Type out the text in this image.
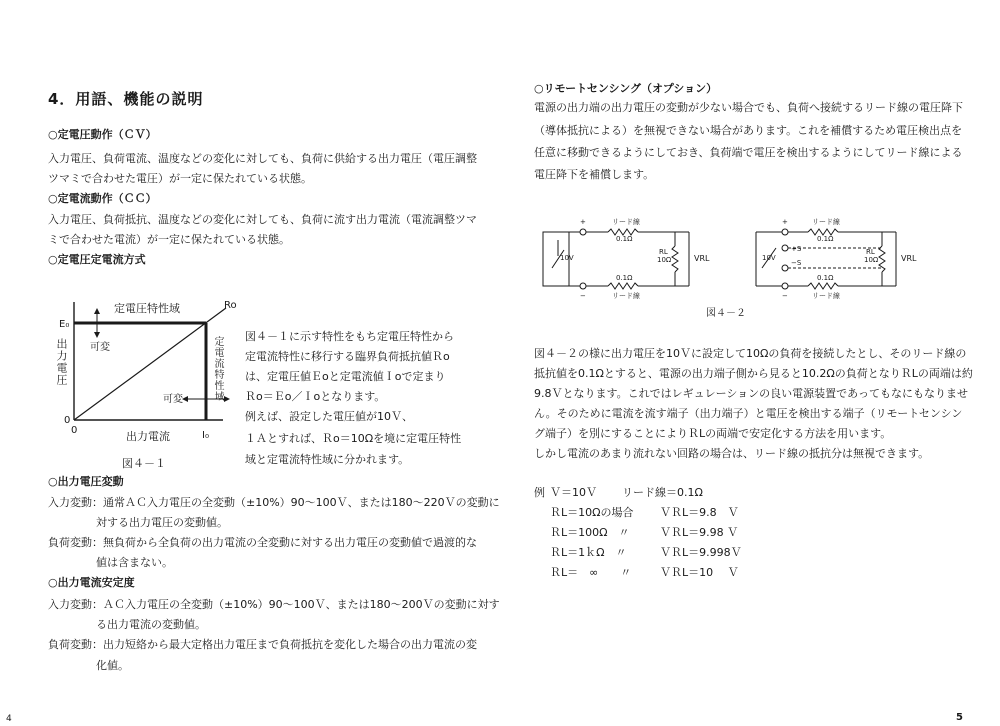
4．用語、機能の説明
○定電圧動作（ＣＶ）
入力電圧、負荷電流、温度などの変化に対しても、負荷に供給する出力電圧（電圧調整
ツマミで合わせた電圧）が一定に保たれている状態。
○定電流動作（ＣＣ）
入力電圧、負荷抵抗、温度などの変化に対しても、負荷に流す出力電流（電流調整ツマ
ミで合わせた電流）が一定に保たれている状態。
○定電圧定電流方式
E₀
0
0	I₀
Ro
定電圧特性域
可変
可変
出力電流
図４－１
出力電圧	定電流特性域 図４－１に示す特性をもち定電圧特性から
定電流特性に移行する臨界負荷抵抗値Ｒo
は、定電圧値Ｅoと定電流値Ｉoで定まり
Ｒo＝Ｅo／Ｉoとなります。
例えば、設定した電圧値が10Ｖ、
１Ａとすれば、Ｒo＝10Ωを境に定電圧特性
域と定電流特性域に分かれます。
○出力電圧変動
入力変動：通常ＡＣ入力電圧の全変動（±10%）90～100Ｖ、または180～220Ｖの変動に
対する出力電圧の変動値。
負荷変動：無負荷から全負荷の出力電流の全変動に対する出力電圧の変動値で過渡的な
値は含まない。
○出力電流安定度
入力変動：ＡＣ入力電圧の全変動（±10%）90～100Ｖ、または180～200Ｖの変動に対す
る出力電流の変動値。
負荷変動：出力短絡から最大定格出力電圧まで負荷抵抗を変化した場合の出力電流の変
化値。
4
○リモートセンシング（オプション）
電源の出力端の出力電圧の変動が少ない場合でも、負荷へ接続するリード線の電圧降下
（導体抵抗による）を無視できない場合があります。これを補償するため電圧検出点を
任意に移動できるようにしておき、負荷端で電圧を検出するようにしてリード線による
電圧降下を補償します。
+	リード線
0.1Ω
10V
RL
10Ω	VRL
0.1Ω
リード線
−
+	リード線
0.1Ω
10V
+S
−S
RL
10Ω	VRL
0.1Ω
リード線
−
図４－２
図４－２の様に出力電圧を10Ｖに設定して10Ωの負荷を接続したとし、そのリード線の
抵抗値を0.1Ωとすると、電源の出力端子側から見ると10.2Ωの負荷となりＲLの両端は約
9.8Ｖとなります。これではレギュレーションの良い電源装置であってもなにもなりませ
ん。そのために電流を流す端子（出力端子）と電圧を検出する端子（リモートセンシン
グ端子）を別にすることによりＲLの両端で安定化する方法を用います。
しかし電流のあまり流れない回路の場合は、リード線の抵抗分は無視できます。
例 Ｖ＝10Ｖ リード線＝0.1Ω
ＲL＝10Ωの場合 ＶＲL＝9.8　Ｖ
ＲL＝100Ω　〃	ＶＲL＝9.98 Ｖ
ＲL＝1ｋΩ　〃	ＶＲL＝9.998Ｖ
ＲL＝　∞　　〃	ＶＲL＝10　 Ｖ
5
